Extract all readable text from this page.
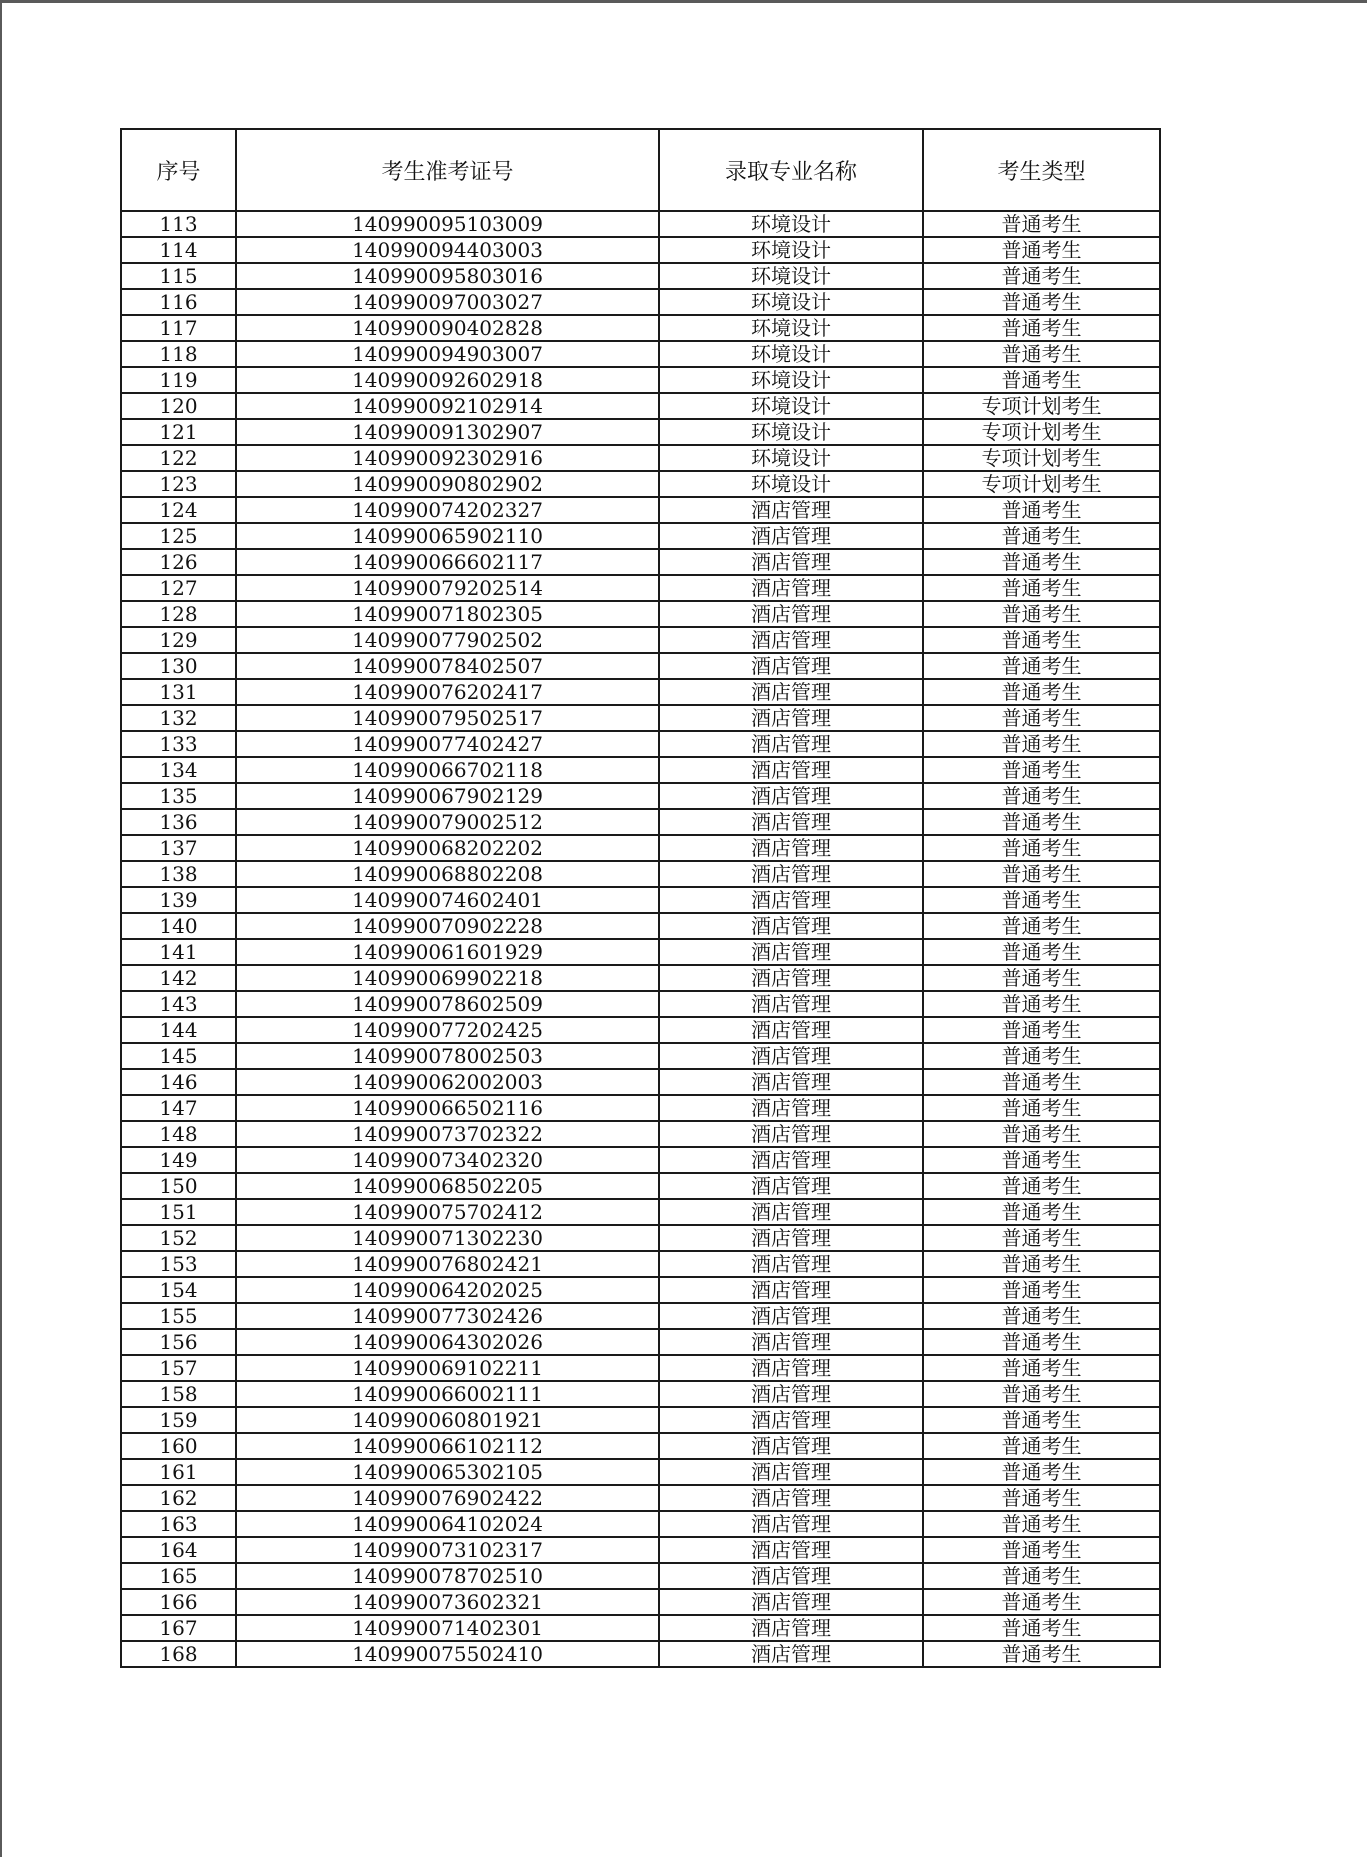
序号	考生准考证号	录取专业名称	考生类型
113	140990095103009	环境设计	普通考生
114	140990094403003	环境设计	普通考生
115	140990095803016	环境设计	普通考生
116	140990097003027	环境设计	普通考生
117	140990090402828	环境设计	普通考生
118	140990094903007	环境设计	普通考生
119	140990092602918	环境设计	普通考生
120	140990092102914	环境设计	专项计划考生
121	140990091302907	环境设计	专项计划考生
122	140990092302916	环境设计	专项计划考生
123	140990090802902	环境设计	专项计划考生
124	140990074202327	酒店管理	普通考生
125	140990065902110	酒店管理	普通考生
126	140990066602117	酒店管理	普通考生
127	140990079202514	酒店管理	普通考生
128	140990071802305	酒店管理	普通考生
129	140990077902502	酒店管理	普通考生
130	140990078402507	酒店管理	普通考生
131	140990076202417	酒店管理	普通考生
132	140990079502517	酒店管理	普通考生
133	140990077402427	酒店管理	普通考生
134	140990066702118	酒店管理	普通考生
135	140990067902129	酒店管理	普通考生
136	140990079002512	酒店管理	普通考生
137	140990068202202	酒店管理	普通考生
138	140990068802208	酒店管理	普通考生
139	140990074602401	酒店管理	普通考生
140	140990070902228	酒店管理	普通考生
141	140990061601929	酒店管理	普通考生
142	140990069902218	酒店管理	普通考生
143	140990078602509	酒店管理	普通考生
144	140990077202425	酒店管理	普通考生
145	140990078002503	酒店管理	普通考生
146	140990062002003	酒店管理	普通考生
147	140990066502116	酒店管理	普通考生
148	140990073702322	酒店管理	普通考生
149	140990073402320	酒店管理	普通考生
150	140990068502205	酒店管理	普通考生
151	140990075702412	酒店管理	普通考生
152	140990071302230	酒店管理	普通考生
153	140990076802421	酒店管理	普通考生
154	140990064202025	酒店管理	普通考生
155	140990077302426	酒店管理	普通考生
156	140990064302026	酒店管理	普通考生
157	140990069102211	酒店管理	普通考生
158	140990066002111	酒店管理	普通考生
159	140990060801921	酒店管理	普通考生
160	140990066102112	酒店管理	普通考生
161	140990065302105	酒店管理	普通考生
162	140990076902422	酒店管理	普通考生
163	140990064102024	酒店管理	普通考生
164	140990073102317	酒店管理	普通考生
165	140990078702510	酒店管理	普通考生
166	140990073602321	酒店管理	普通考生
167	140990071402301	酒店管理	普通考生
168	140990075502410	酒店管理	普通考生
